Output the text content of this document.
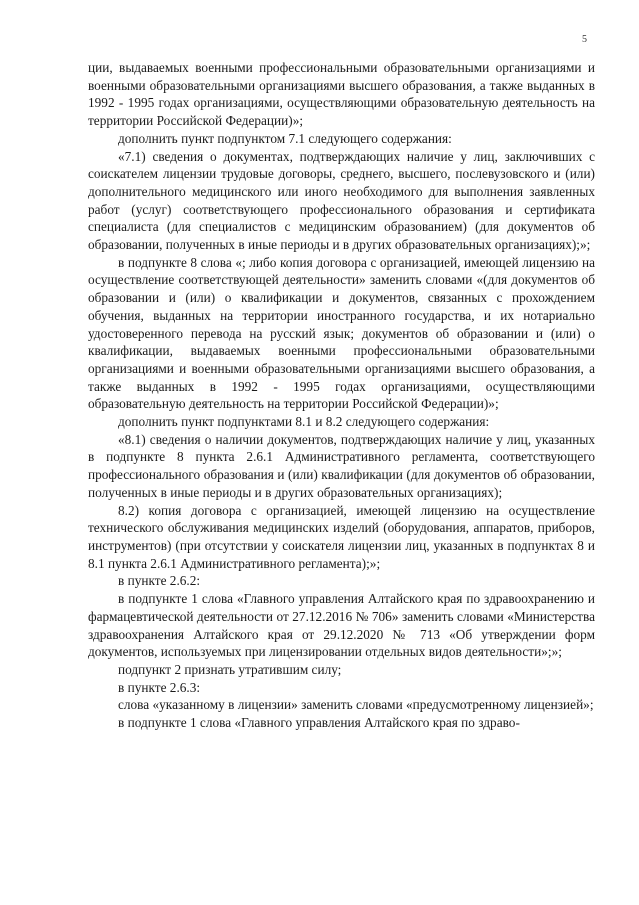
5

ции, выдаваемых военными профессиональными образовательными организациями и военными образовательными организациями высшего образования, а также выданных в 1992 - 1995 годах организациями, осуществляющими образовательную деятельность на территории Российской Федерации)»;

дополнить пункт подпунктом 7.1 следующего содержания:

«7.1) сведения о документах, подтверждающих наличие у лиц, заключивших с соискателем лицензии трудовые договоры, среднего, высшего, послевузовского и (или) дополнительного медицинского или иного необходимого для выполнения заявленных работ (услуг) соответствующего профессионального образования и сертификата специалиста (для специалистов с медицинским образованием) (для документов об образовании, полученных в иные периоды и в других образовательных организациях);»;

в подпункте 8 слова «; либо копия договора с организацией, имеющей лицензию на осуществление соответствующей деятельности» заменить словами «(для документов об образовании и (или) о квалификации и документов, связанных с прохождением обучения, выданных на территории иностранного государства, и их нотариально удостоверенного перевода на русский язык; документов об образовании и (или) о квалификации, выдаваемых военными профессиональными образовательными организациями и военными образовательными организациями высшего образования, а также выданных в 1992 - 1995 годах организациями, осуществляющими образовательную деятельность на территории Российской Федерации)»;

дополнить пункт подпунктами 8.1 и 8.2 следующего содержания:

«8.1) сведения о наличии документов, подтверждающих наличие у лиц, указанных в подпункте 8 пункта 2.6.1 Административного регламента, соответствующего профессионального образования и (или) квалификации (для документов об образовании, полученных в иные периоды и в других образовательных организациях);

8.2) копия договора с организацией, имеющей лицензию на осуществление технического обслуживания медицинских изделий (оборудования, аппаратов, приборов, инструментов) (при отсутствии у соискателя лицензии лиц, указанных в подпунктах 8 и 8.1 пункта 2.6.1 Административного регламента);»;

в пункте 2.6.2:

в подпункте 1 слова «Главного управления Алтайского края по здравоохранению и фармацевтической деятельности от 27.12.2016 № 706» заменить словами «Министерства здравоохранения Алтайского края от 29.12.2020 № 713 «Об утверждении форм документов, используемых при лицензировании отдельных видов деятельности»;»;

подпункт 2 признать утратившим силу;

в пункте 2.6.3:

слова «указанному в лицензии» заменить словами «предусмотренному лицензией»;

в подпункте 1 слова «Главного управления Алтайского края по здраво-
